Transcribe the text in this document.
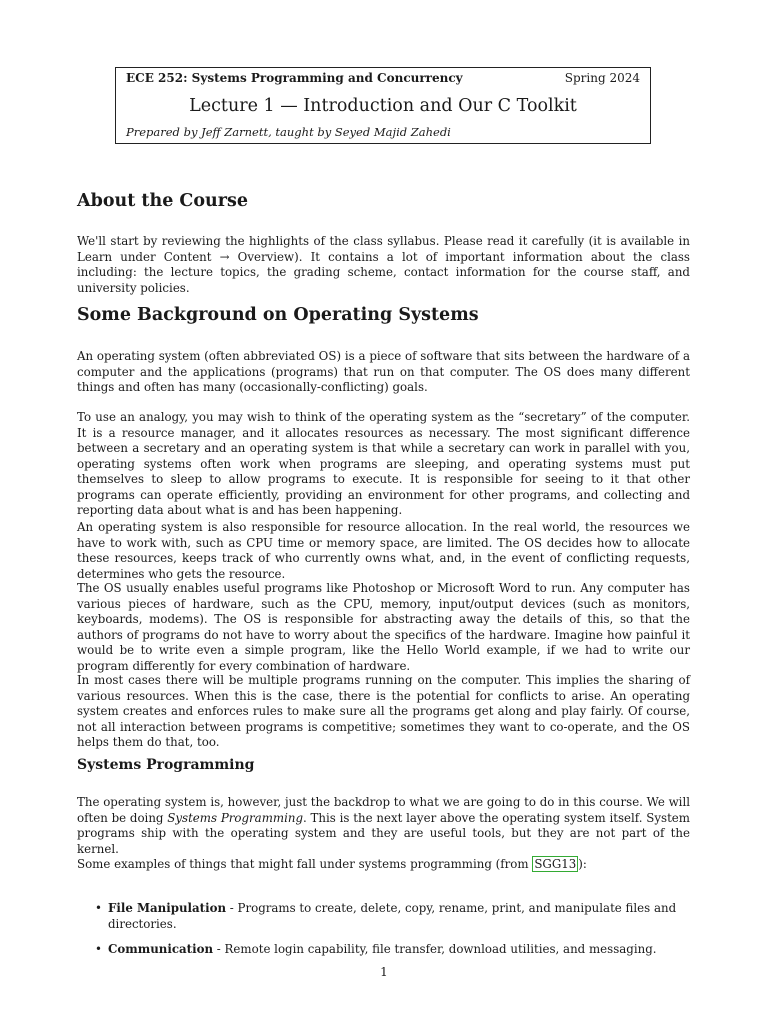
ECE 252: Systems Programming and Concurrency	Spring 2024
Lecture 1 — Introduction and Our C Toolkit
Prepared by Jeff Zarnett, taught by Seyed Majid Zahedi
About the Course

We'll start by reviewing the highlights of the class syllabus. Please read it carefully (it is available in Learn under Content → Overview). It contains a lot of important information about the class including: the lecture topics, the grading scheme, contact information for the course staff, and university policies.

Some Background on Operating Systems

An operating system (often abbreviated OS) is a piece of software that sits between the hardware of a computer and the applications (programs) that run on that computer. The OS does many different things and often has many (occasionally-conflicting) goals.

To use an analogy, you may wish to think of the operating system as the “secretary” of the computer. It is a resource manager, and it allocates resources as necessary. The most significant difference between a secretary and an operating system is that while a secretary can work in parallel with you, operating systems often work when programs are sleeping, and operating systems must put themselves to sleep to allow programs to execute. It is responsible for seeing to it that other programs can operate efficiently, providing an environment for other programs, and collecting and reporting data about what is and has been happening.

An operating system is also responsible for resource allocation. In the real world, the resources we have to work with, such as CPU time or memory space, are limited. The OS decides how to allocate these resources, keeps track of who currently owns what, and, in the event of conflicting requests, determines who gets the resource.

The OS usually enables useful programs like Photoshop or Microsoft Word to run. Any computer has various pieces of hardware, such as the CPU, memory, input/output devices (such as monitors, keyboards, modems). The OS is responsible for abstracting away the details of this, so that the authors of programs do not have to worry about the specifics of the hardware. Imagine how painful it would be to write even a simple program, like the Hello World example, if we had to write our program differently for every combination of hardware.

In most cases there will be multiple programs running on the computer. This implies the sharing of various resources. When this is the case, there is the potential for conflicts to arise. An operating system creates and enforces rules to make sure all the programs get along and play fairly. Of course, not all interaction between programs is competitive; sometimes they want to co-operate, and the OS helps them do that, too.

Systems Programming

The operating system is, however, just the backdrop to what we are going to do in this course. We will often be doing Systems Programming. This is the next layer above the operating system itself. System programs ship with the operating system and they are useful tools, but they are not part of the kernel.

Some examples of things that might fall under systems programming (from SGG13 ):

• File Manipulation - Programs to create, delete, copy, rename, print, and manipulate files and directories.
• Communication - Remote login capability, file transfer, download utilities, and messaging.
1
